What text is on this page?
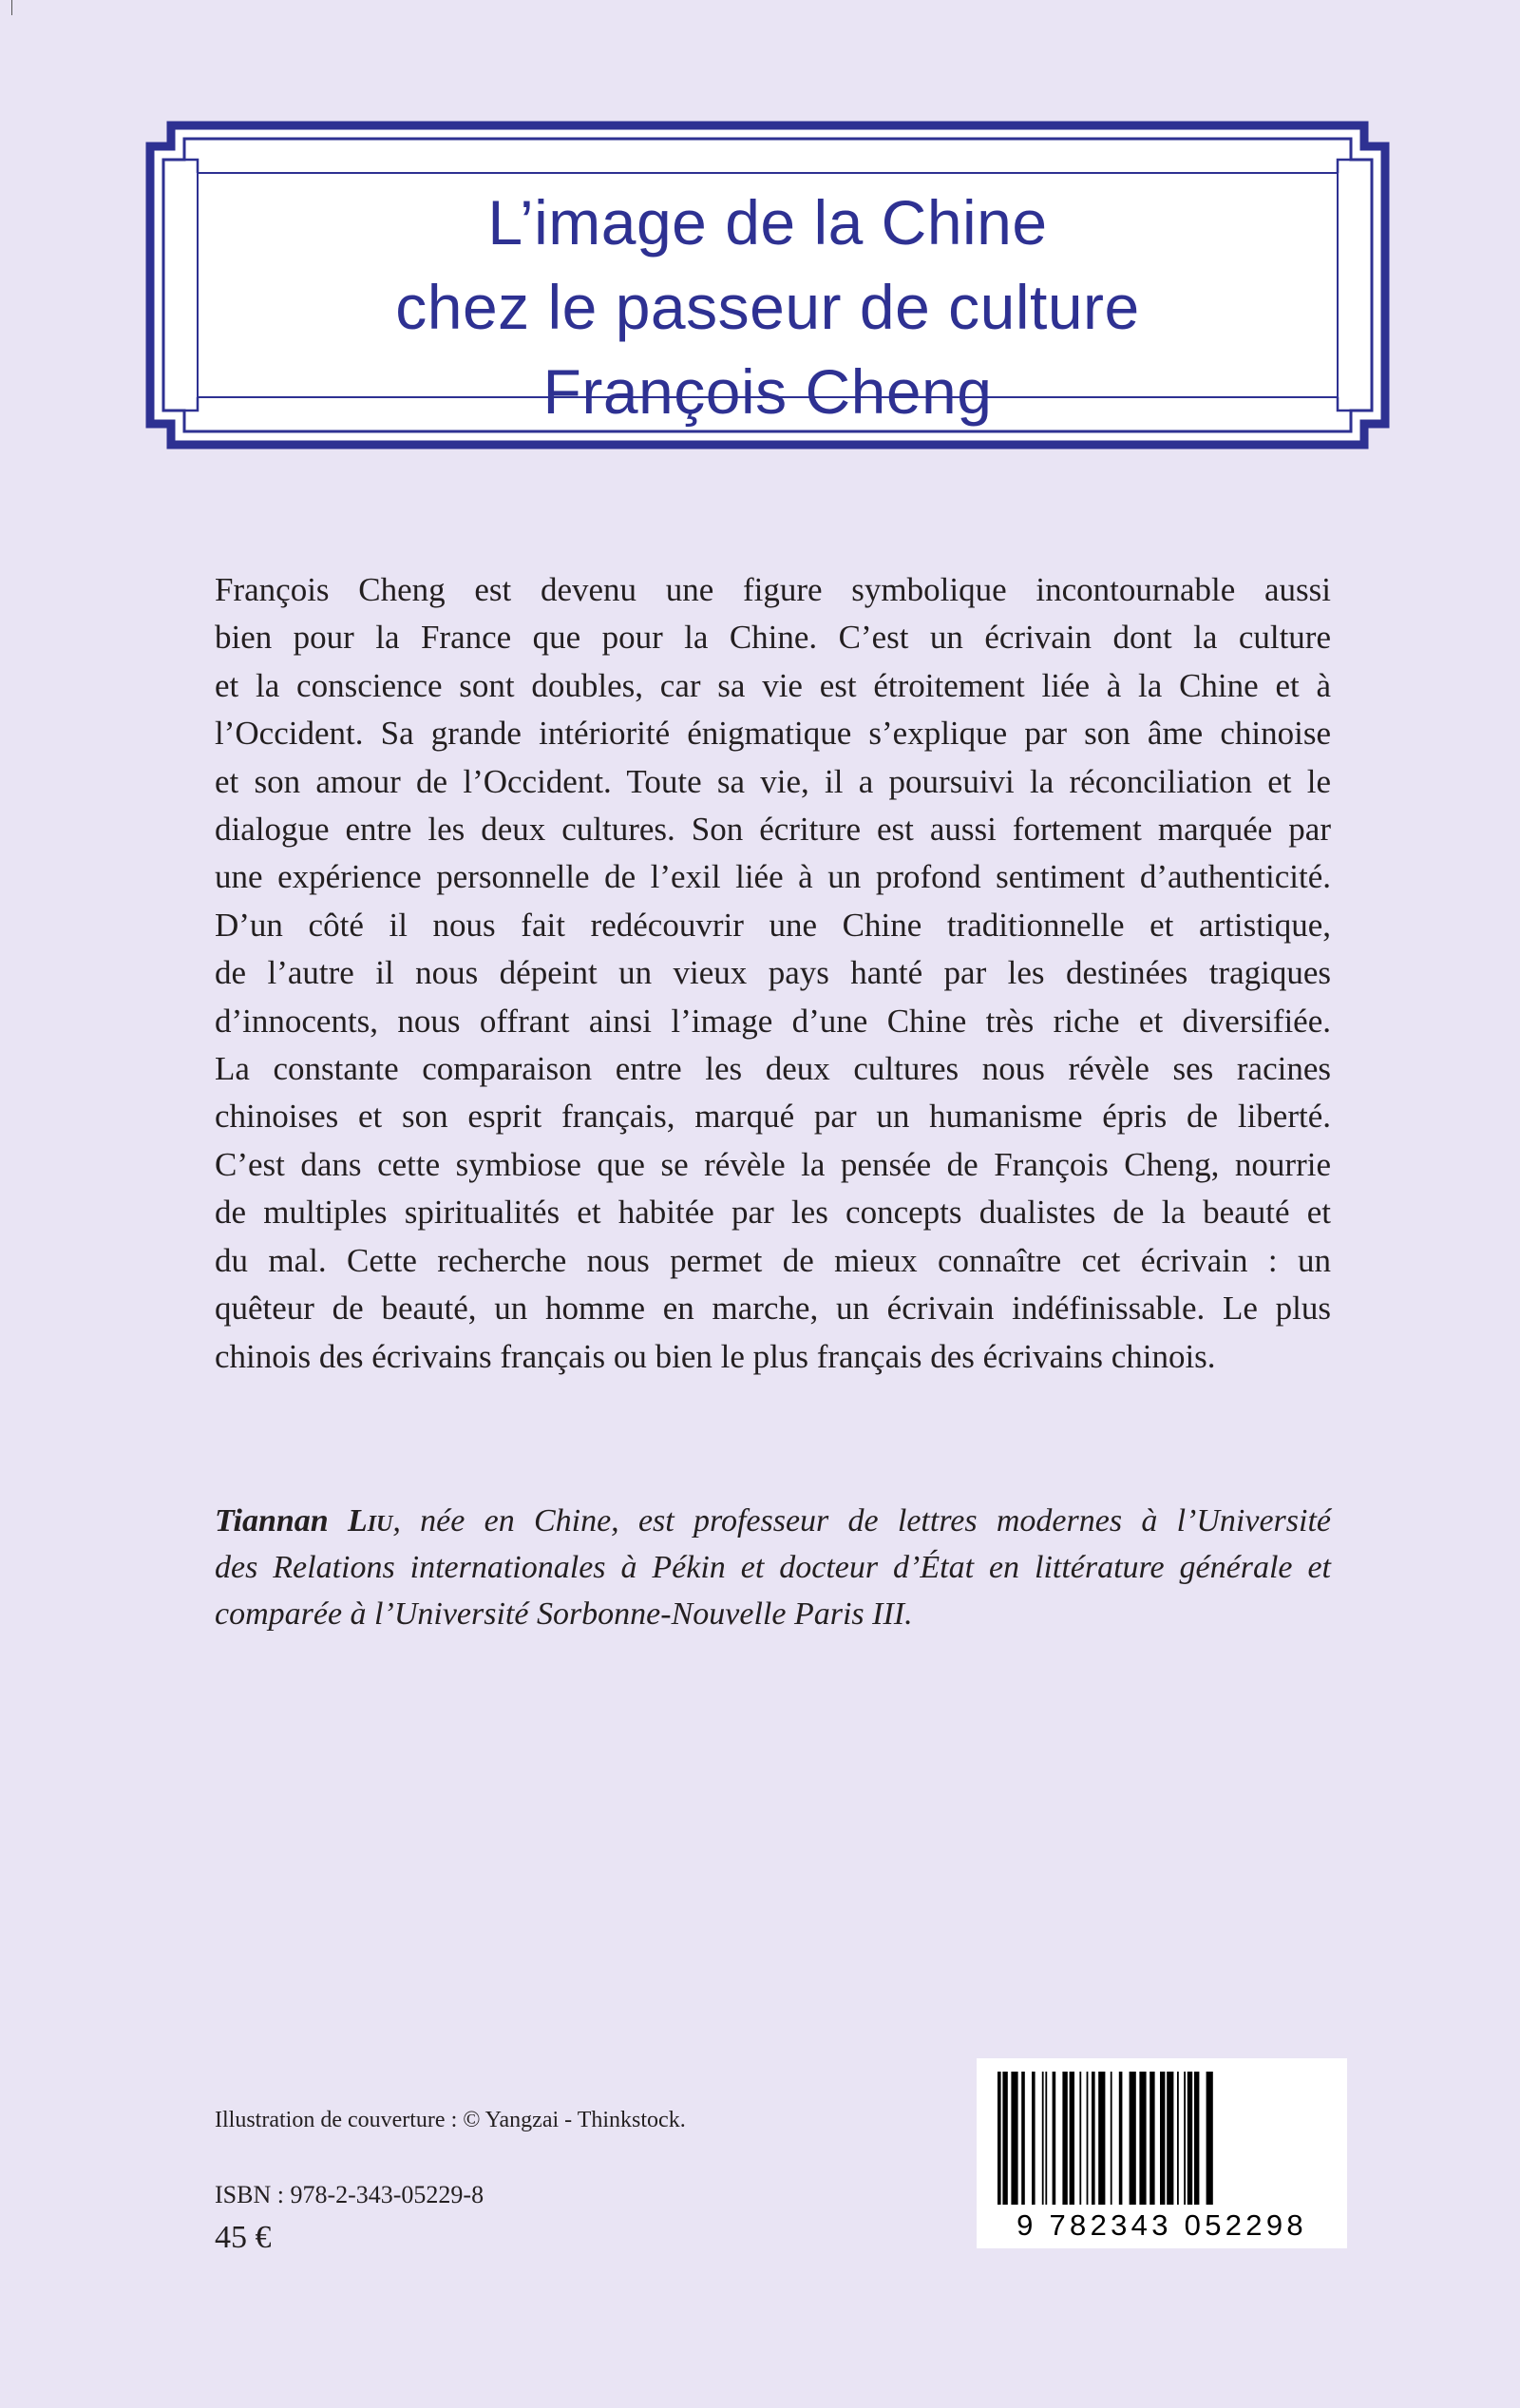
L’image de la Chine
chez le passeur de culture
François Cheng
François Cheng est devenu une figure symbolique incontournable aussi
bien pour la France que pour la Chine. C’est un écrivain dont la culture
et la conscience sont doubles, car sa vie est étroitement liée à la Chine et à
l’Occident. Sa grande intériorité énigmatique s’explique par son âme chinoise
et son amour de l’Occident. Toute sa vie, il a poursuivi la réconciliation et le
dialogue entre les deux cultures. Son écriture est aussi fortement marquée par
une expérience personnelle de l’exil liée à un profond sentiment d’authenticité.
D’un côté il nous fait redécouvrir une Chine traditionnelle et artistique,
de l’autre il nous dépeint un vieux pays hanté par les destinées tragiques
d’innocents, nous offrant ainsi l’image d’une Chine très riche et diversifiée.
La constante comparaison entre les deux cultures nous révèle ses racines
chinoises et son esprit français, marqué par un humanisme épris de liberté.
C’est dans cette symbiose que se révèle la pensée de François Cheng, nourrie
de multiples spiritualités et habitée par les concepts dualistes de la beauté et
du mal. Cette recherche nous permet de mieux connaître cet écrivain : un
quêteur de beauté, un homme en marche, un écrivain indéfinissable. Le plus
chinois des écrivains français ou bien le plus français des écrivains chinois.
Tiannan Liu, née en Chine, est professeur de lettres modernes à l’Université
des Relations internationales à Pékin et docteur d’État en littérature générale et
comparée à l’Université Sorbonne-Nouvelle Paris III.
Illustration de couverture : © Yangzai - Thinkstock.
ISBN : 978-2-343-05229-8
45 €	9 782343 052298
